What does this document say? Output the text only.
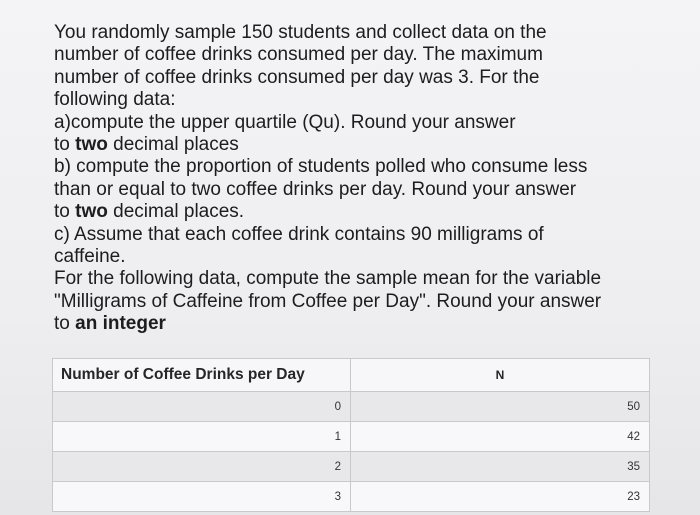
You randomly sample 150 students and collect data on the
number of coffee drinks consumed per day. The maximum
number of coffee drinks consumed per day was 3. For the
following data:
a)compute the upper quartile (Qu). Round your answer
to two decimal places
b) compute the proportion of students polled who consume less
than or equal to two coffee drinks per day. Round your answer
to two decimal places.
c) Assume that each coffee drink contains 90 milligrams of
caffeine.
For the following data, compute the sample mean for the variable
"Milligrams of Caffeine from Coffee per Day". Round your answer
to an integer
Number of Coffee Drinks per Day	N
0	50
1	42
2	35
3	23
